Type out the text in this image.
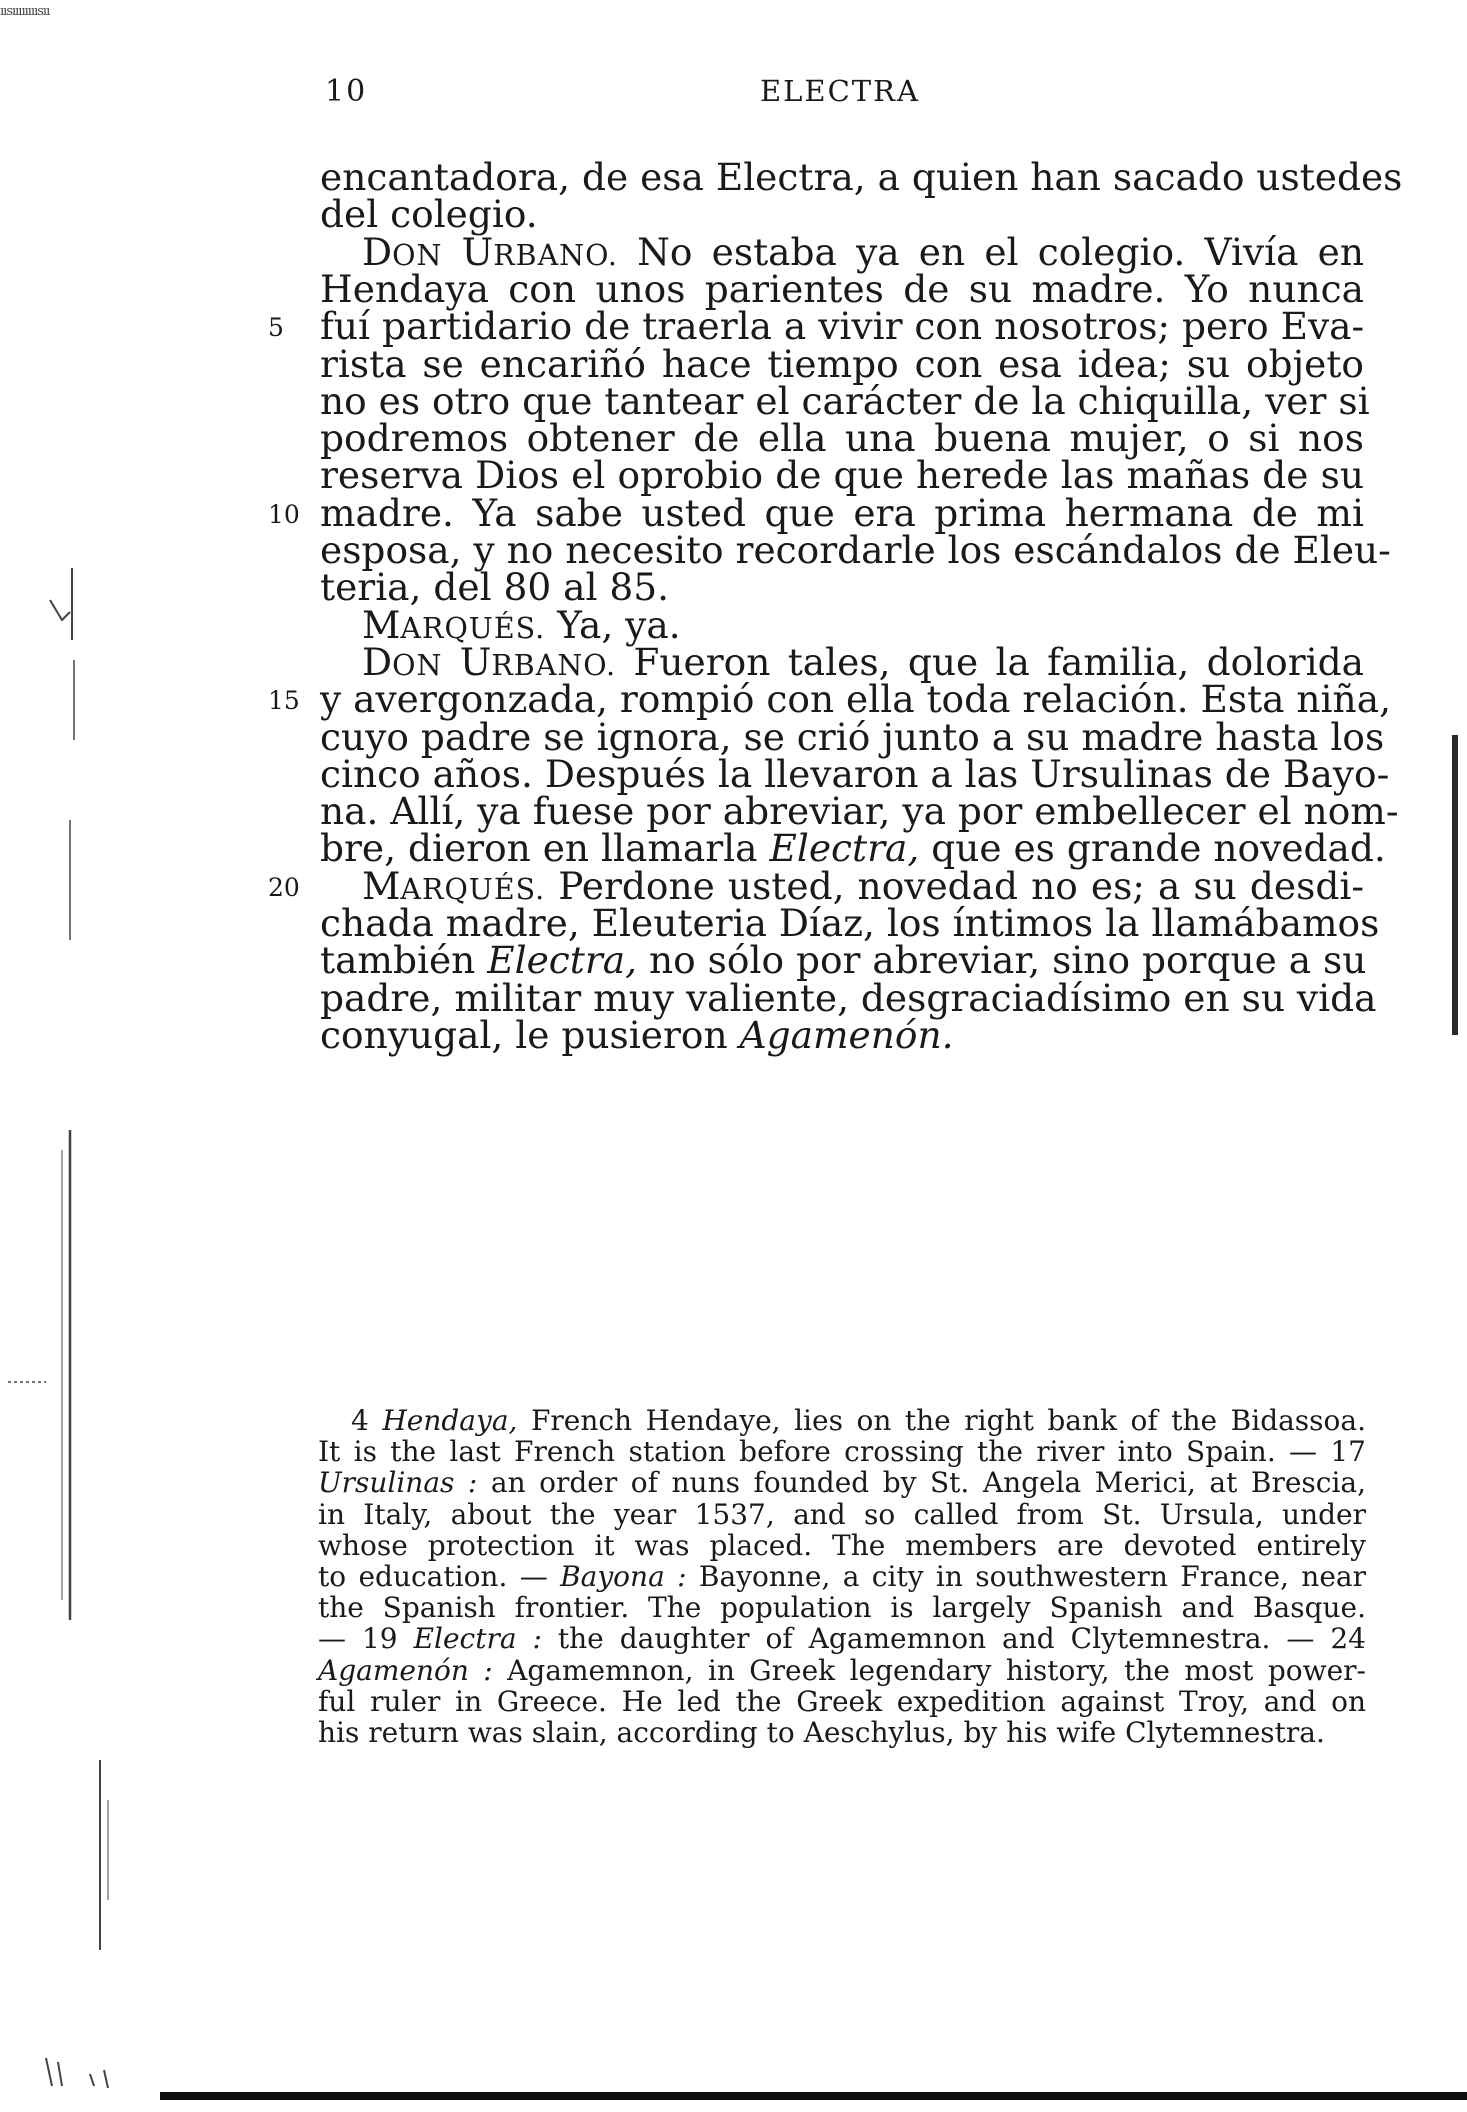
ıısıııııııısıı
10	ELECTRA
encantadora, de esa Electra, a quien han sacado ustedes
del colegio.
DON URBANO. No estaba ya en el colegio. Vivía en
Hendaya con unos parientes de su madre. Yo nunca
fuí partidario de traerla a vivir con nosotros; pero Eva-
5
rista se encariñó hace tiempo con esa idea; su objeto
no es otro que tantear el carácter de la chiquilla, ver si
podremos obtener de ella una buena mujer, o si nos
reserva Dios el oprobio de que herede las mañas de su
madre. Ya sabe usted que era prima hermana de mi
10
esposa, y no necesito recordarle los escándalos de Eleu-
teria, del 80 al 85.
MARQUÉS. Ya, ya.
DON URBANO. Fueron tales, que la familia, dolorida
y avergonzada, rompió con ella toda relación. Esta niña,
15
cuyo padre se ignora, se crió junto a su madre hasta los
cinco años. Después la llevaron a las Ursulinas de Bayo-
na. Allí, ya fuese por abreviar, ya por embellecer el nom-
bre, dieron en llamarla Electra, que es grande novedad.
MARQUÉS. Perdone usted, novedad no es; a su desdi-
20
chada madre, Eleuteria Díaz, los íntimos la llamábamos
también Electra, no sólo por abreviar, sino porque a su
padre, militar muy valiente, desgraciadísimo en su vida
conyugal, le pusieron Agamenón.
4 Hendaya, French Hendaye, lies on the right bank of the Bidassoa.
It is the last French station before crossing the river into Spain. — 17
Ursulinas : an order of nuns founded by St. Angela Merici, at Brescia,
in Italy, about the year 1537, and so called from St. Ursula, under
whose protection it was placed. The members are devoted entirely
to education. — Bayona : Bayonne, a city in southwestern France, near
the Spanish frontier. The population is largely Spanish and Basque.
— 19 Electra : the daughter of Agamemnon and Clytemnestra. — 24
Agamenón : Agamemnon, in Greek legendary history, the most power-
ful ruler in Greece. He led the Greek expedition against Troy, and on
his return was slain, according to Aeschylus, by his wife Clytemnestra.
